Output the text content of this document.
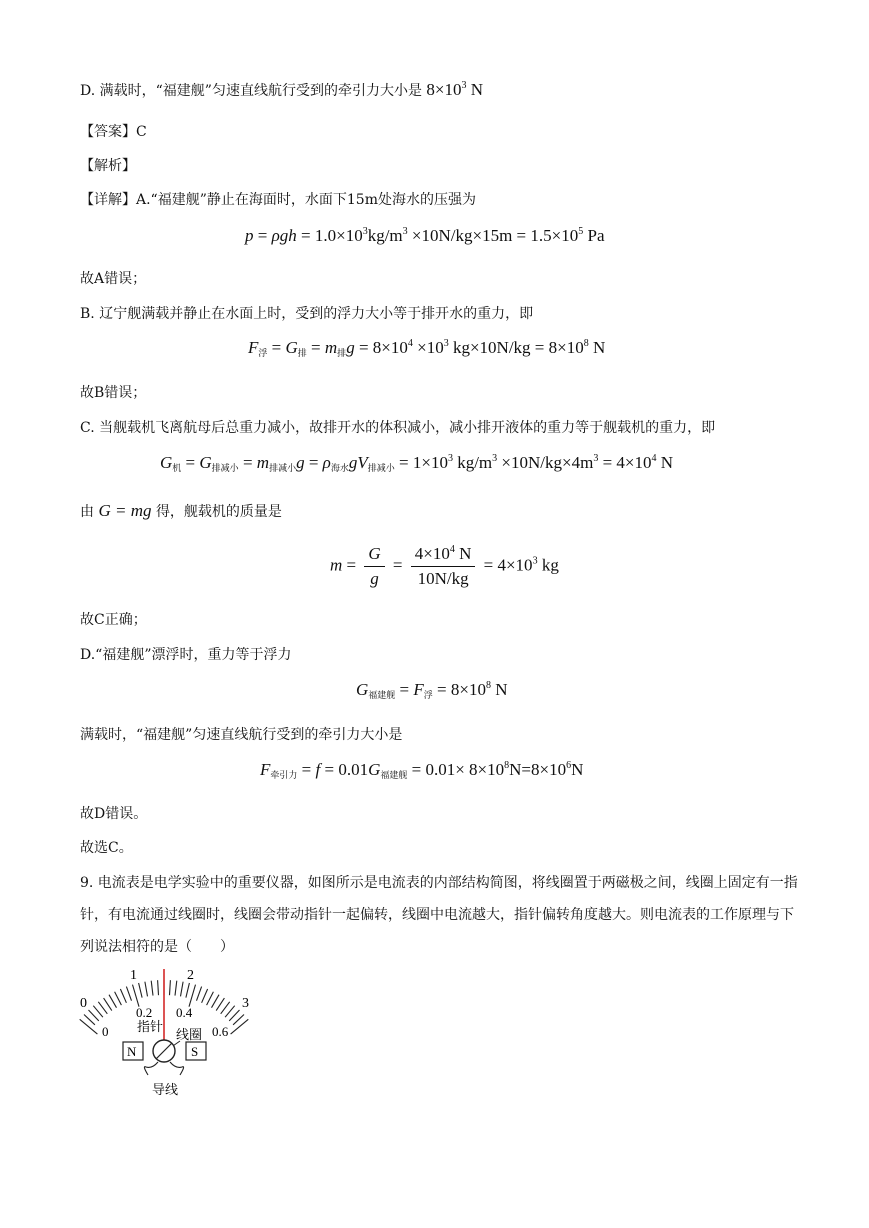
D. 满载时，“福建舰”匀速直线航行受到的牵引力大小是 $8\times 10^3$ N
【答案】C
【解析】
【详解】A.“福建舰”静止在海面时，水面下15m处海水的压强为
$p = \rho gh = 1.0\times 10^3kg/m^3 \times 10N/kg\times 15m = 1.5\times 10^5$ Pa
故A错误；
B. 辽宁舰满载并静止在水面上时，受到的浮力大小等于排开水的重力，即
$F_浮 = G_排 = m_排g = 8\times 10^4 \times 10^3$ $kg\times 10N/kg = 8\times 10^8$ N
故B错误；
C. 当舰载机飞离航母后总重力减小，故排开水的体积减小，减小排开液体的重力等于舰载机的重力，即
$G_机 = G_{排减小} = m_{排减小}g = \rho_{海水}gV_{排减小} = 1\times 10^3$ $kg/m^3 \times 10N/kg\times 4m^3 = 4\times 10^4$ N
由 G = mg 得，舰载机的质量是
$m = \frac{G}{g} = \frac{4\times 10^4 N}{10N/kg} = 4\times 10^3$ kg
故C正确；
D.“福建舰”漂浮时，重力等于浮力
$G_{福建舰} = F_浮 = 8\times 10^8$ N
满载时，“福建舰”匀速直线航行受到的牵引力大小是
$F_{牵引力} = f = 0.01G_{福建舰} = 0.01\times 8\times 10^8N=8\times 10^6N$
故D错误。
故选C。
9. 电流表是电学实验中的重要仪器，如图所示是电流表的内部结构简图，将线圈置于两磁极之间，线圈上固定有一指针，有电流通过线圈时，线圈会带动指针一起偏转，线圈中电流越大，指针偏转角度越大。则电流表的工作原理与下列说法相符的是（　　）
0
1	2
3
0
0.2 0.4
0.6
指针
线圈
N	S
导线
